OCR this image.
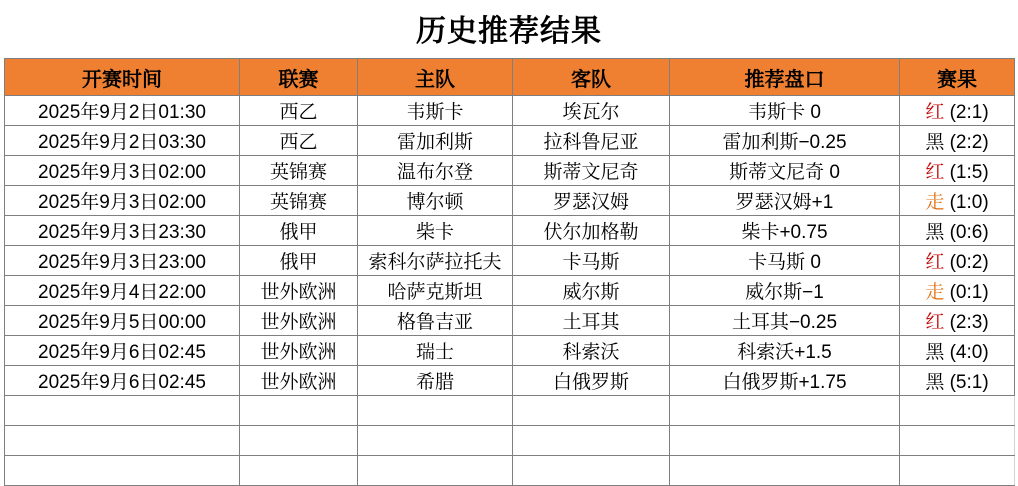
历史推荐结果
开赛时间	联赛	主队	客队	推荐盘口	赛果
2025年9月2日01:30	西乙	韦斯卡	埃瓦尔	韦斯卡 0	红 (2:1)
2025年9月2日03:30	西乙	雷加利斯	拉科鲁尼亚	雷加利斯−0.25	黑 (2:2)
2025年9月3日02:00	英锦赛	温布尔登	斯蒂文尼奇	斯蒂文尼奇 0	红 (1:5)
2025年9月3日02:00	英锦赛	博尔顿	罗瑟汉姆	罗瑟汉姆+1	走 (1:0)
2025年9月3日23:30	俄甲	柴卡	伏尔加格勒	柴卡+0.75	黑 (0:6)
2025年9月3日23:00	俄甲	索科尔萨拉托夫	卡马斯	卡马斯 0	红 (0:2)
2025年9月4日22:00	世外欧洲	哈萨克斯坦	威尔斯	威尔斯−1	走 (0:1)
2025年9月5日00:00	世外欧洲	格鲁吉亚	土耳其	土耳其−0.25	红 (2:3)
2025年9月6日02:45	世外欧洲	瑞士	科索沃	科索沃+1.5	黑 (4:0)
2025年9月6日02:45	世外欧洲	希腊	白俄罗斯	白俄罗斯+1.75	黑 (5:1)
